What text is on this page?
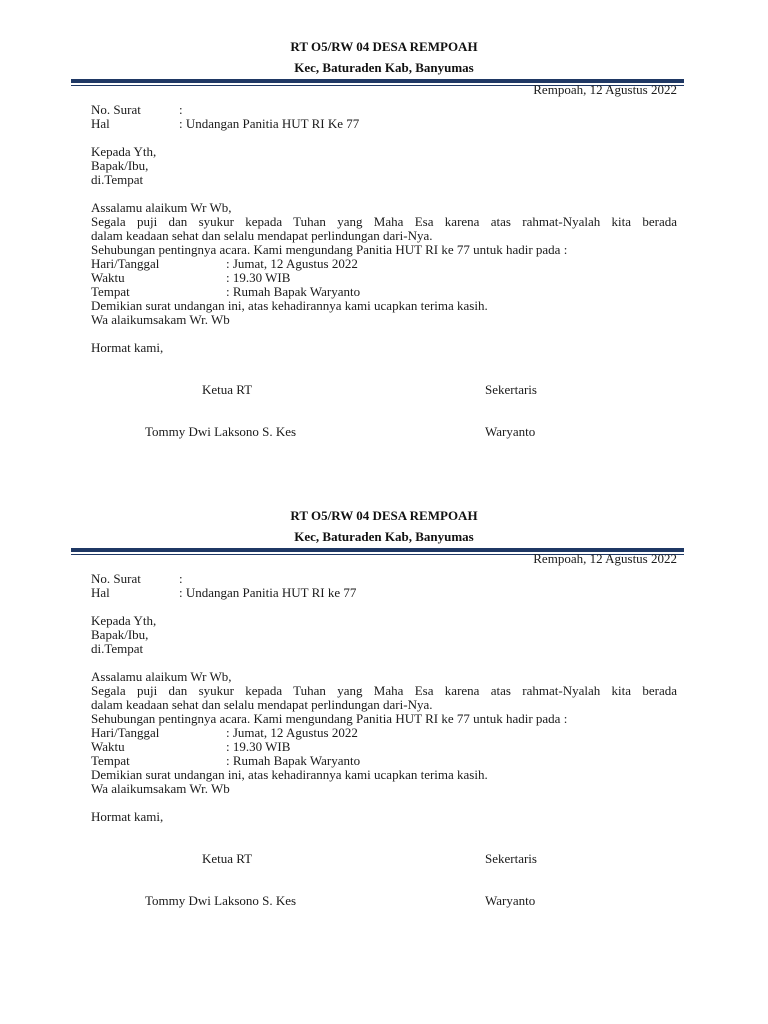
RT O5/RW 04 DESA REMPOAH
Kec, Baturaden Kab, Banyumas
Rempoah, 12 Agustus 2022
No. Surat	:
Hal	: Undangan Panitia HUT RI Ke 77
Kepada Yth,
Bapak/Ibu,
di.Tempat
Assalamu alaikum Wr Wb,
Segala puji dan syukur kepada Tuhan yang Maha Esa karena atas rahmat-Nyalah kita berada
dalam keadaan sehat dan selalu mendapat perlindungan dari-Nya.
Sehubungan pentingnya acara. Kami mengundang Panitia HUT RI ke 77 untuk hadir pada :
Hari/Tanggal	: Jumat, 12 Agustus 2022
Waktu	: 19.30 WIB
Tempat	: Rumah Bapak Waryanto
Demikian surat undangan ini, atas kehadirannya kami ucapkan terima kasih.
Wa alaikumsakam Wr. Wb
Hormat kami,
Ketua RT	Sekertaris
Tommy Dwi Laksono S. Kes	Waryanto
RT O5/RW 04 DESA REMPOAH
Kec, Baturaden Kab, Banyumas
Rempoah, 12 Agustus 2022
No. Surat	:
Hal	: Undangan Panitia HUT RI ke 77
Kepada Yth,
Bapak/Ibu,
di.Tempat
Assalamu alaikum Wr Wb,
Segala puji dan syukur kepada Tuhan yang Maha Esa karena atas rahmat-Nyalah kita berada
dalam keadaan sehat dan selalu mendapat perlindungan dari-Nya.
Sehubungan pentingnya acara. Kami mengundang Panitia HUT RI ke 77 untuk hadir pada :
Hari/Tanggal	: Jumat, 12 Agustus 2022
Waktu	: 19.30 WIB
Tempat	: Rumah Bapak Waryanto
Demikian surat undangan ini, atas kehadirannya kami ucapkan terima kasih.
Wa alaikumsakam Wr. Wb
Hormat kami,
Ketua RT	Sekertaris
Tommy Dwi Laksono S. Kes	Waryanto
